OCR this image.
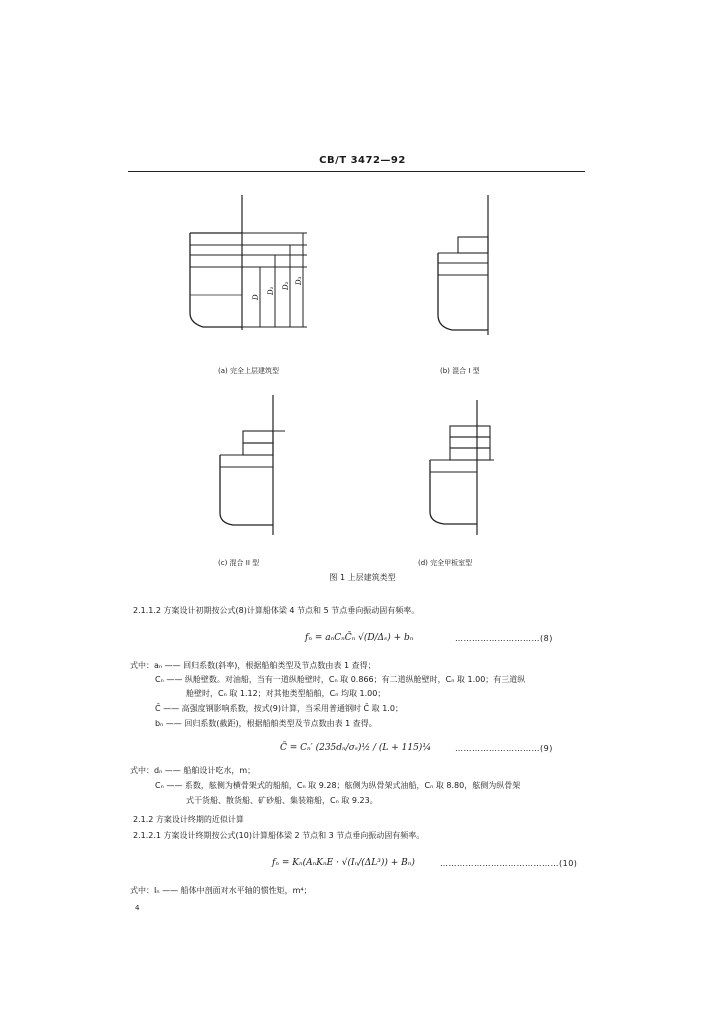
CB/T 3472—92
D
D₁
D₂
D₃
(a) 完全上层建筑型	(b) 混合 I 型
(c) 混合 II 型	(d) 完全甲板室型
图 1 上层建筑类型
2.1.1.2 方案设计初期按公式(8)计算船体梁 4 节点和 5 节点垂向振动固有频率。
fₙ = aₙCₙC̄ₙ √(D/Δₛ) + bₙ	…………………………(8)
式中：aₙ —— 回归系数(斜率)，根据船舶类型及节点数由表 1 查得；
Cₙ —— 纵舱壁数。对油船，当有一道纵舱壁时，Cₙ 取 0.866；有二道纵舱壁时，Cₙ 取 1.00；有三道纵
舱壁时，Cₙ 取 1.12；对其他类型船舶，Cₙ 均取 1.00；
C̄ —— 高强度钢影响系数，按式(9)计算，当采用普通钢时 C̄ 取 1.0；
bₙ —— 回归系数(截距)，根据船舶类型及节点数由表 1 查得。
C̄ = Cₙ′ (235dₙ/σₛ)½ / (L + 115)¼	…………………………(9)
式中：dₙ —— 船舶设计吃水，m；
Cₙ —— 系数，舷侧为横骨架式的船舶，Cₙ 取 9.28；舷侧为纵骨架式油船，Cₙ 取 8.80，舷侧为纵骨架
式干货船、散货船、矿砂船、集装箱船，Cₙ 取 9.23。
2.1.2 方案设计终期的近似计算
2.1.2.1 方案设计终期按公式(10)计算船体梁 2 节点和 3 节点垂向振动固有频率。
fₙ = Kₙ(AₙKₙE · √(Iₙ/(ΔL³)) + Bₙ)	……………………………………(10)
式中：Iₙ —— 船体中剖面对水平轴的惯性矩，m⁴；
4
